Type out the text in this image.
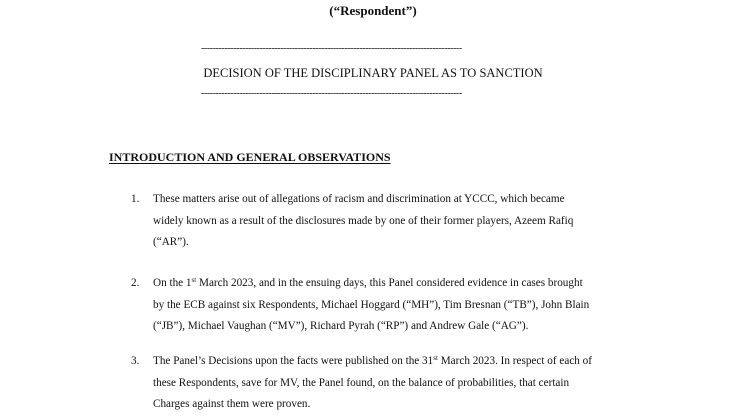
(“Respondent”)
-----------------------------------------------------------------------------------------
DECISION OF THE DISCIPLINARY PANEL AS TO SANCTION
-----------------------------------------------------------------------------------------
INTRODUCTION AND GENERAL OBSERVATIONS
1. These matters arise out of allegations of racism and discrimination at YCCC, which became
widely known as a result of the disclosures made by one of their former players, Azeem Rafiq
(“AR”).
2. On the 1st March 2023, and in the ensuing days, this Panel considered evidence in cases brought
by the ECB against six Respondents, Michael Hoggard (“MH”), Tim Bresnan (“TB”), John Blain
(“JB”), Michael Vaughan (“MV”), Richard Pyrah (“RP”) and Andrew Gale (“AG”).
3. The Panel’s Decisions upon the facts were published on the 31st March 2023. In respect of each of
these Respondents, save for MV, the Panel found, on the balance of probabilities, that certain
Charges against them were proven.
